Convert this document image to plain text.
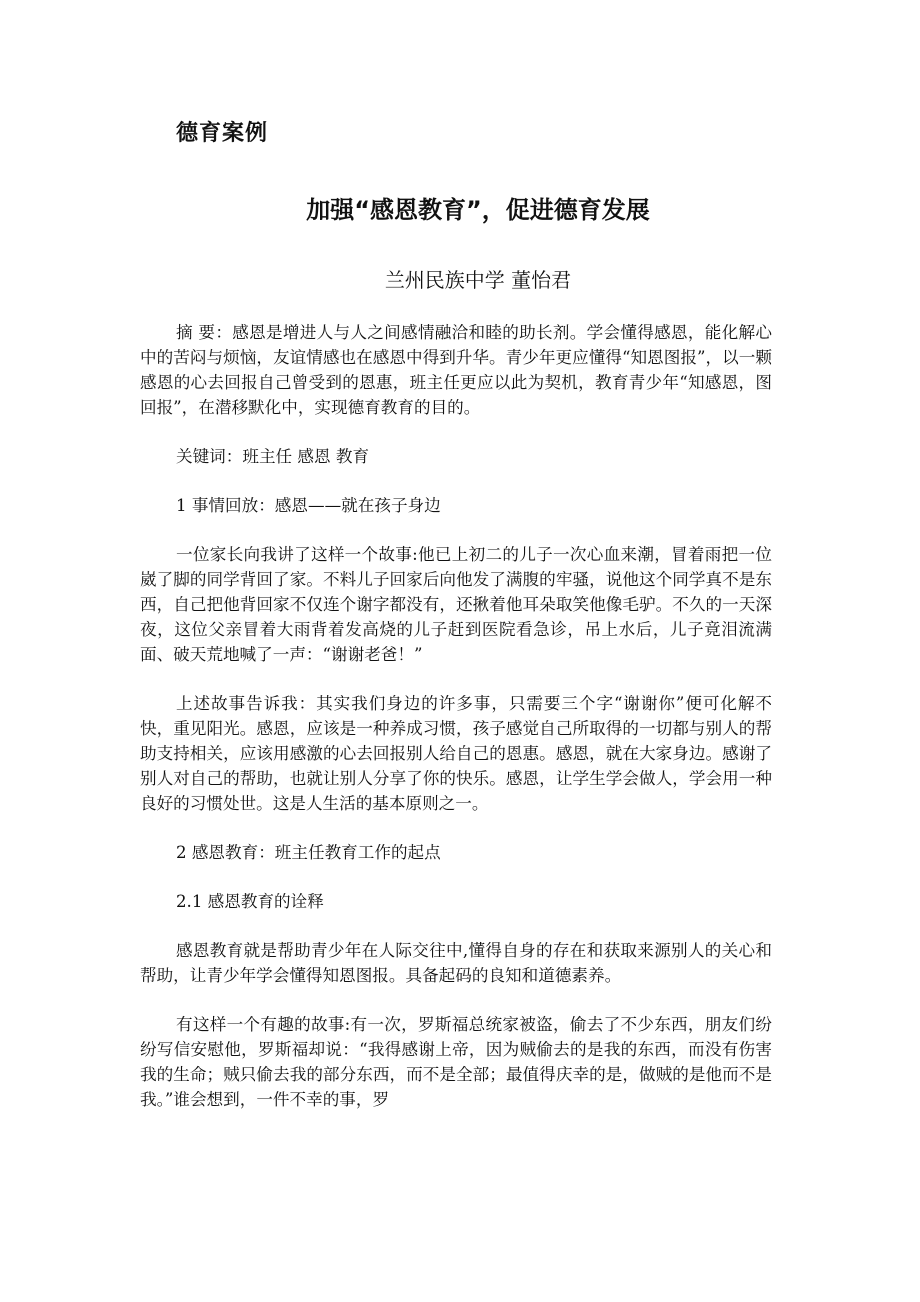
德育案例
加强“感恩教育”，促进德育发展

兰州民族中学 董怡君

摘 要：感恩是增进人与人之间感情融洽和睦的助长剂。学会懂得感恩，能化解心中的苦闷与烦恼，友谊情感也在感恩中得到升华。青少年更应懂得“知恩图报”，以一颗感恩的心去回报自己曾受到的恩惠，班主任更应以此为契机，教育青少年“知感恩，图回报”，在潜移默化中，实现德育教育的目的。

关键词：班主任 感恩 教育

1 事情回放：感恩——就在孩子身边

一位家长向我讲了这样一个故事:他已上初二的儿子一次心血来潮，冒着雨把一位崴了脚的同学背回了家。不料儿子回家后向他发了满腹的牢骚，说他这个同学真不是东西，自己把他背回家不仅连个谢字都没有，还揪着他耳朵取笑他像毛驴。不久的一天深夜，这位父亲冒着大雨背着发高烧的儿子赶到医院看急诊，吊上水后，儿子竟泪流满面、破天荒地喊了一声：“谢谢老爸！”

上述故事告诉我：其实我们身边的许多事，只需要三个字“谢谢你”便可化解不快，重见阳光。感恩，应该是一种养成习惯，孩子感觉自己所取得的一切都与别人的帮助支持相关，应该用感激的心去回报别人给自己的恩惠。感恩，就在大家身边。感谢了别人对自己的帮助，也就让别人分享了你的快乐。感恩，让学生学会做人，学会用一种良好的习惯处世。这是人生活的基本原则之一。

2 感恩教育：班主任教育工作的起点

2.1 感恩教育的诠释

感恩教育就是帮助青少年在人际交往中,懂得自身的存在和获取来源别人的关心和帮助，让青少年学会懂得知恩图报。具备起码的良知和道德素养。

有这样一个有趣的故事:有一次，罗斯福总统家被盗，偷去了不少东西，朋友们纷纷写信安慰他，罗斯福却说：“我得感谢上帝，因为贼偷去的是我的东西，而没有伤害我的生命；贼只偷去我的部分东西，而不是全部；最值得庆幸的是，做贼的是他而不是我。”谁会想到，一件不幸的事，罗
